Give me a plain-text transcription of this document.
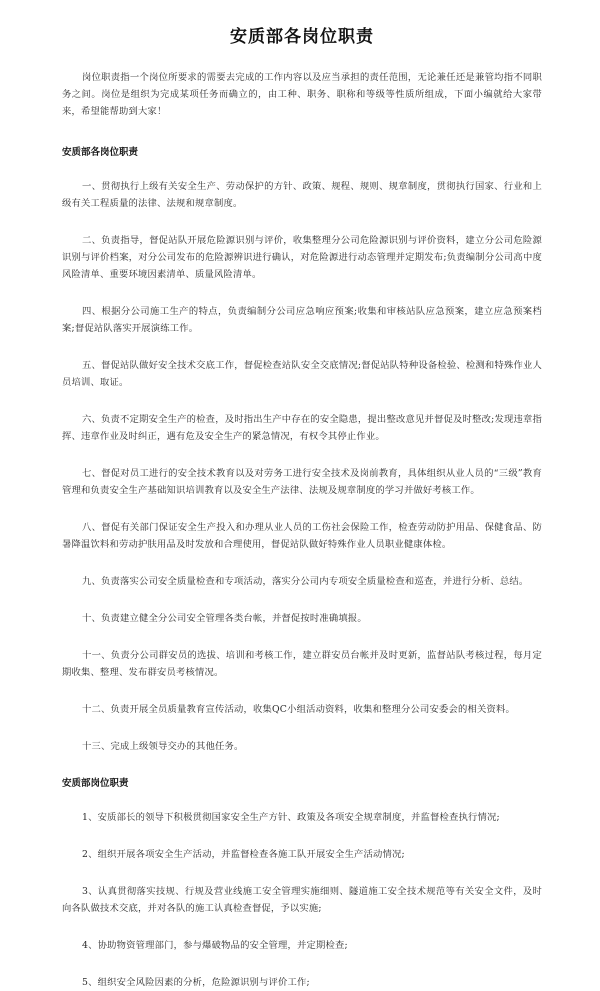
安质部各岗位职责

岗位职责指一个岗位所要求的需要去完成的工作内容以及应当承担的责任范围，无论兼任还是兼管均指不同职务之间。岗位是组织为完成某项任务而确立的，由工种、职务、职称和等级等性质所组成，下面小编就给大家带来，希望能帮助到大家！

安质部各岗位职责

一、贯彻执行上级有关安全生产、劳动保护的方针、政策、规程、规则、规章制度，贯彻执行国家、行业和上级有关工程质量的法律、法规和规章制度。

二、负责指导，督促站队开展危险源识别与评价，收集整理分公司危险源识别与评价资料，建立分公司危险源识别与评价档案，对分公司发布的危险源辨识进行确认，对危险源进行动态管理并定期发布;负责编制分公司高中度风险清单、重要环境因素清单、质量风险清单。

四、根据分公司施工生产的特点，负责编制分公司应急响应预案;收集和审核站队应急预案，建立应急预案档案;督促站队落实开展演练工作。

五、督促站队做好安全技术交底工作，督促检查站队安全交底情况;督促站队特种设备检验、检测和特殊作业人员培训、取证。

六、负责不定期安全生产的检查，及时指出生产中存在的安全隐患，提出整改意见并督促及时整改;发现违章指挥、违章作业及时纠正，遇有危及安全生产的紧急情况，有权令其停止作业。

七、督促对员工进行的安全技术教育以及对劳务工进行安全技术及岗前教育，具体组织从业人员的“三级”教育管理和负责安全生产基础知识培训教育以及安全生产法律、法规及规章制度的学习并做好考核工作。

八、督促有关部门保证安全生产投入和办理从业人员的工伤社会保险工作，检查劳动防护用品、保健食品、防暑降温饮料和劳动护肤用品及时发放和合理使用，督促站队做好特殊作业人员职业健康体检。

九、负责落实公司安全质量检查和专项活动，落实分公司内专项安全质量检查和巡查，并进行分析、总结。

十、负责建立健全分公司安全管理各类台帐，并督促按时准确填报。

十一、负责分公司群安员的选拔、培训和考核工作，建立群安员台帐并及时更新，监督站队考核过程，每月定期收集、整理、发布群安员考核情况。

十二、负责开展全员质量教育宣传活动，收集QC小组活动资料，收集和整理分公司安委会的相关资料。

十三、完成上级领导交办的其他任务。

安质部岗位职责

1、安质部长的领导下积极贯彻国家安全生产方针、政策及各项安全规章制度，并监督检查执行情况;

2、组织开展各项安全生产活动，并监督检查各施工队开展安全生产活动情况;

3、认真贯彻落实技规、行规及营业线施工安全管理实施细则、隧道施工安全技术规范等有关安全文件，及时向各队做技术交底，并对各队的施工认真检查督促，予以实施;

4、协助物资管理部门，参与爆破物品的安全管理，并定期检查;

5、组织安全风险因素的分析，危险源识别与评价工作;
